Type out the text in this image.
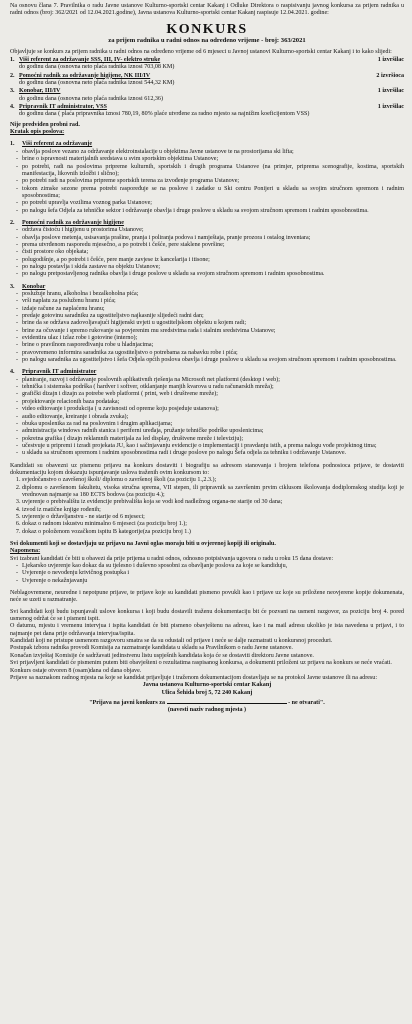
Na osnovu člana 7. Pravilnika o radu Javne ustanove Kulturno-sportski centar Kakanj i Odluke Direktora o raspisivanju javnog konkursa za prijem radnika u radni odnos (broj: 362/2021 od 12.04.2021.godine), Javna ustanova Kulturno-sportski centar Kakanj raspisuje 12.04.2021. godine:

KONKURS
za prijem radnika u radni odnos na određeno vrijeme - broj: 363/2021

Objavljuje se konkurs za prijem radnika u radni odnos na određeno vrijeme od 6 mjeseci u Javnoj ustanovi Kulturno-sportski centar Kakanj i to kako slijedi:

1. Viši referent za održavanje SSS, III, IV- elektro struke	1 izvršilac
do godinu dana (osnovna neto plaća radnika iznosi 703,08 KM)
2. Pomoćni radnik za održavanje higijene, NK III/IV	2 izvršioca
do godinu dana (osnovna neto plaća radnika iznosi 544,32 KM)
3. Konobar, III/IV	1 izvršilac
do godinu dana (osnovna neto plaća radnika iznosi 612,36)
4. Pripravnik IT administrator, VSS	1 izvršilac
do godinu dana ( plaća pripravnika iznosi 780,19, 80% plaće utvrđene za radno mjesto sa najnižim koeficijentom VSS)
Nije predviđen probni rad.
Kratak opis poslova:
1.	Viši referent za održavanje
- obavlja poslove vezano za održavanje elektroinstalacije u objektima Javne ustanove te na prostorijama ski lifta;
- brine o ispravnosti materijalnih sredstava u svim sportskim objektima Ustanove;
- po potrebi, radi na poslovima pripreme kulturnih, sportskih i drugih programa Ustanove (na primjer, priprema scenografije, kostima, sportskih manifestacija, likovnih izložbi i slično);
- po potrebi radi na poslovima pripreme sportskih terena za izvođenje programa Ustanove;
- tokom zimske sezone prema potrebi raspoređuje se na poslove i zadatke u Ski centru Ponijeri u skladu sa svojim stručnom spremom i radnim sposobnostima;
- po potrebi upravlja vozilima voznog parka Ustanove;
- po nalogu šefa Odjela za tehničke sektor i održavanje obavlja i druge poslove u skladu sa svojom stručnom spremom i radnim sposobnostima.
2.	Pomoćni radnik za održavanje higijene
- održava čistoću i higijenu u prostorima Ustanove;
- obavlja poslove metenja, usisavanja prašine, pranja i poliranja podova i namještaja, pranje prozora i ostalog inventara;
- prema utvrđenom rasporedu mjesečno, a po potrebi i češće, pere staklene površine;
- čisti prostore oko objekata;
- polugodišnje, a po potrebi i češće, pere manje zavjese iz kancelarija i itisone;
- po nalogu postavlja i skida zastave na objektu Ustanove;
- po nalogu pretpostavljenog radnika obavlja i druge poslove u skladu sa svojom stručnom spremom i radnim sposobnostima.
3.	Konobar
- poslužuje hranu, alkoholna i bezalkoholna pića;
- vrši naplatu za posluženu hranu i pića;
- izdaje račune za naplaćenu hranu;
- predaje gotovinu saradniku za ugostiteljstvo najkasnije slijedeći radni dan;
- brine da se održava zadovoljavajući higijenski uvjeti u ugostiteljskom objektu u kojem radi;
- brine za očuvanje i spremo rukovanje sa povjerenim mu sredstvima rada i stalnim sredstvima Ustanove;
- evidentira ulaz i izlaz robe i gotovine (interno);
- brine o pravilnom raspoređivanju robe u hladnjacima;
- pravovremeno informira saradnika za ugostiteljstvo o potrebama za nabavku robe i pića;
- po nalogu saradnika za ugostiteljstvo i šefa Odjela općih poslova obavlja i druge poslove u skladu sa svojom stručnom spremom i radnim sposobnostima.
4.	Pripravnik IT administrator
- planiranje, razvoj i održavanje poslovnih aplikativnih rješenja na Microsoft net platformi (desktop i web);
- tehnička i sistemska podrška ( hardver i softver, otklanjanje manjih kvarova u radu računarskih mreža);
- grafički dizajn i dizajn za potrebe web platformi ( print, web i društvene mreže);
- projektovanje relacionih baza podataka;
- video editovanje i produkcija ( u zavisnosti od opreme koju posjeduje ustanova);
- audio editovanje, kreiranje i obrada zvuka);
- obuka uposlenika za rad na poslovnim i drugim aplikacijama;
- administracija windows radnih stanica i periferni uređaja, pružanje tehničke podrške uposlenicima;
- pokretna grafika ( dizajn reklamnih materijala za led display, društvene mreže i televiziju);
- učestvuje u pripremi i izradi projekata JU, kao i sačinjavanju evidencije o implementaciji i pravdanju istih, a prema nalogu vođe projektnog tima;
- u skladu sa stručnom spremom i radnim sposobnostima radi i druge poslove po nalogu Šefa odjela za tehniku i održavanje Ustanove.

Kandidati su obavezni uz pismenu prijavu na konkurs dostaviti i biografiju sa adresom stanovanja i brojem telefona podnosioca prijave, te dostaviti dokumentaciju kojom dokazuju ispunjavanje uslova traženih ovim konkursom to:

1. svjedočanstvo o završenoj školi/ diplomu o završenoj školi (za poziciju 1.,2.3.);
2. diplomu o završenom fakultetu, visoka stručna sprema, VII stepen, ili pripravnik sa završenim prvim ciklusom školovanja dodiplomskog studija koji je vrednovan najmanje sa 180 ECTS bodova (za poziciju 4.);
3. uvjerenje o prebivalištu iz evidencije prebivališta koja se vodi kod nadležnog organa-ne starije od 30 dana;
4. izvod iz matične knjige rođenih;
5. uvjerenje o državljanstvu - ne starije od 6 mjeseci;
6. dokaz o radnom iskustvu minimalno 6 mjeseci (za poziciju broj 1.);
7. dokaz o položenom vozačkom ispitu B kategorije(za poziciju broj 1.)

Svi dokumenti koji se dostavljaju uz prijavu na Javni oglas moraju biti u ovjerenoj kopiji ili originalu.

Napomena:

Svi izabrani kandidati će biti u obavezi da prije prijema u radni odnos, odnosno potpisivanja ugovora o radu u roku 15 dana dostave:

- Ljekarsko uvjerenje kao dokaz da su tjelesno i duševno sposobni za obavljanje poslova za koje se kandiduju,
- Uvjerenje o nevođenju krivičnog postupka i
- Uvjerenje o nekažnjavanju

Neblagovremene, neuredne i nepotpune prijave, te prijave koje su kandidati pismeno povukli kao i prijave uz koje su priložene neovjerene kopije dokumenata, neće se uzeti u razmatranje.

Svi kandidati koji budu ispunjavali uslove konkursa i koji budu dostavili traženu dokumentaciju bit će pozvani na usmeni razgovor, za poziciju broj 4. pored usmenog održat će se i pismeni ispit.

O datumu, mjestu i vremenu intervjua i ispita kandidati će biti pismeno obavještenu na adresu, kao i na mail adresu ukoliko je ista navedena u prijavi, i to najmanje pet dana prije održavanja intervjua/ispita.

Kandidati koji ne pristupe usmenom razgovoru smatra se da su odustali od prijave i neće se dalje razmatrati u konkursnoj proceduri.

Postupak izbora radnika provodi Komisija za razmatranje kandidata u skladu sa Pravilnikom o radu Javne ustanove.

Konačan izvještaj Komisije će sadržavati jedinstvenu listu uspješnih kandidata koja će se dostaviti direktoru Javne ustanove.

Svi prijavljeni kandidati će pismenim putem biti obavješteni o rezultatima raspisanog konkursa, a dokumenti priloženi uz prijavu na konkurs se neće vraćati.

Konkurs ostaje otvoren 8 (osam)dana od dana objave.

Prijave sa naznakom radnog mjesta na koje se kandidat prijavljuje i traženom dokumentacijom dostavljaju se na protokol Javne ustanove ili na adresu:

Javna ustanova Kulturno-sportski centar Kakanj

Ulica Šehida broj 5, 72 240 Kakanj

"Prijava na javni konkurs za	- ne otvarati".

(navesti naziv radnog mjesta )
